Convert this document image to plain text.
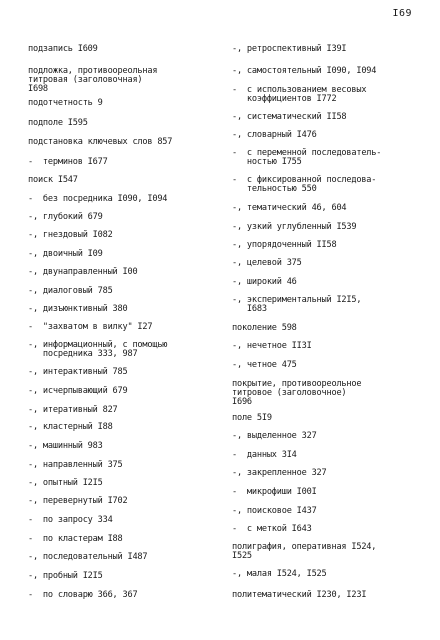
I69
подзапись I609
подложка, противоореольная
титровая (заголовочная)
I698
подотчетность 9
подполе I595
подстановка ключевых слов 857
-  терминов I677
поиск I547
-  без посредника I090, I094
-, глубокий 679
-, гнездовый I082
-, двоичный I09
-, двунаправленный I00
-, диалоговый 785
-, дизъюнктивный 380
-  "захватом в вилку" I27
-, информационный, с помощью
посредника 333, 987
-, интерактивный 785
-, исчерпывающий 679
-, итеративный 827
-, кластерный I88
-, машинный 983
-, направленный 375
-, опытный I2I5
-, перевернутый I702
-  по запросу 334
-  по кластерам I88
-, последовательный I487
-, пробный I2I5
-  по словарю 366, 367
-, ретроспективный I39I
-, самостоятельный I090, I094
-  с использованием весовых
коэффициентов I772
-, систематический II58
-, словарный I476
-  с переменной последователь-
ностью I755
-  с фиксированной последова-
тельностью 550
-, тематический 46, 604
-, узкий углубленный I539
-, упорядоченный II58
-, целевой 375
-, широкий 46
-, экспериментальный I2I5,
I683
поколение 598
-, нечетное II3I
-, четное 475
покрытие, противоореольное
титровое (заголовочное)
I696
поле 5I9
-, выделенное 327
-  данных 3I4
-, закрепленное 327
-  микрофиши I00I
-, поисковое I437
-  с меткой I643
полиграфия, оперативная I524,
I525
-, малая I524, I525
политематический I230, I23I
